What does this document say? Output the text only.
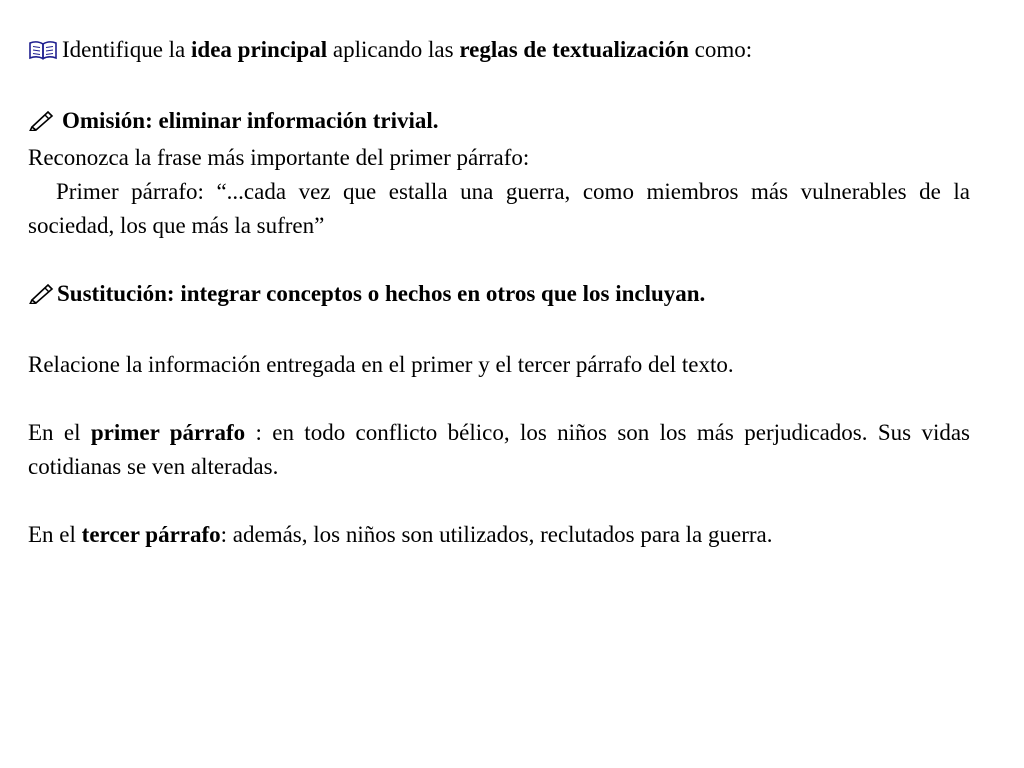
Identifique la idea principal aplicando las reglas de textualización como:

Omisión: eliminar información trivial.

Reconozca la frase más importante del primer párrafo:

Primer párrafo: “...cada vez que estalla una guerra, como miembros más vulnerables de la sociedad, los que más la sufren”

Sustitución: integrar conceptos o hechos en otros que los incluyan.

Relacione la información entregada en el primer y el tercer párrafo del texto.

En el primer párrafo : en todo conflicto bélico, los niños son los más perjudicados. Sus vidas cotidianas se ven alteradas.

En el tercer párrafo: además, los niños son utilizados, reclutados para la guerra.
